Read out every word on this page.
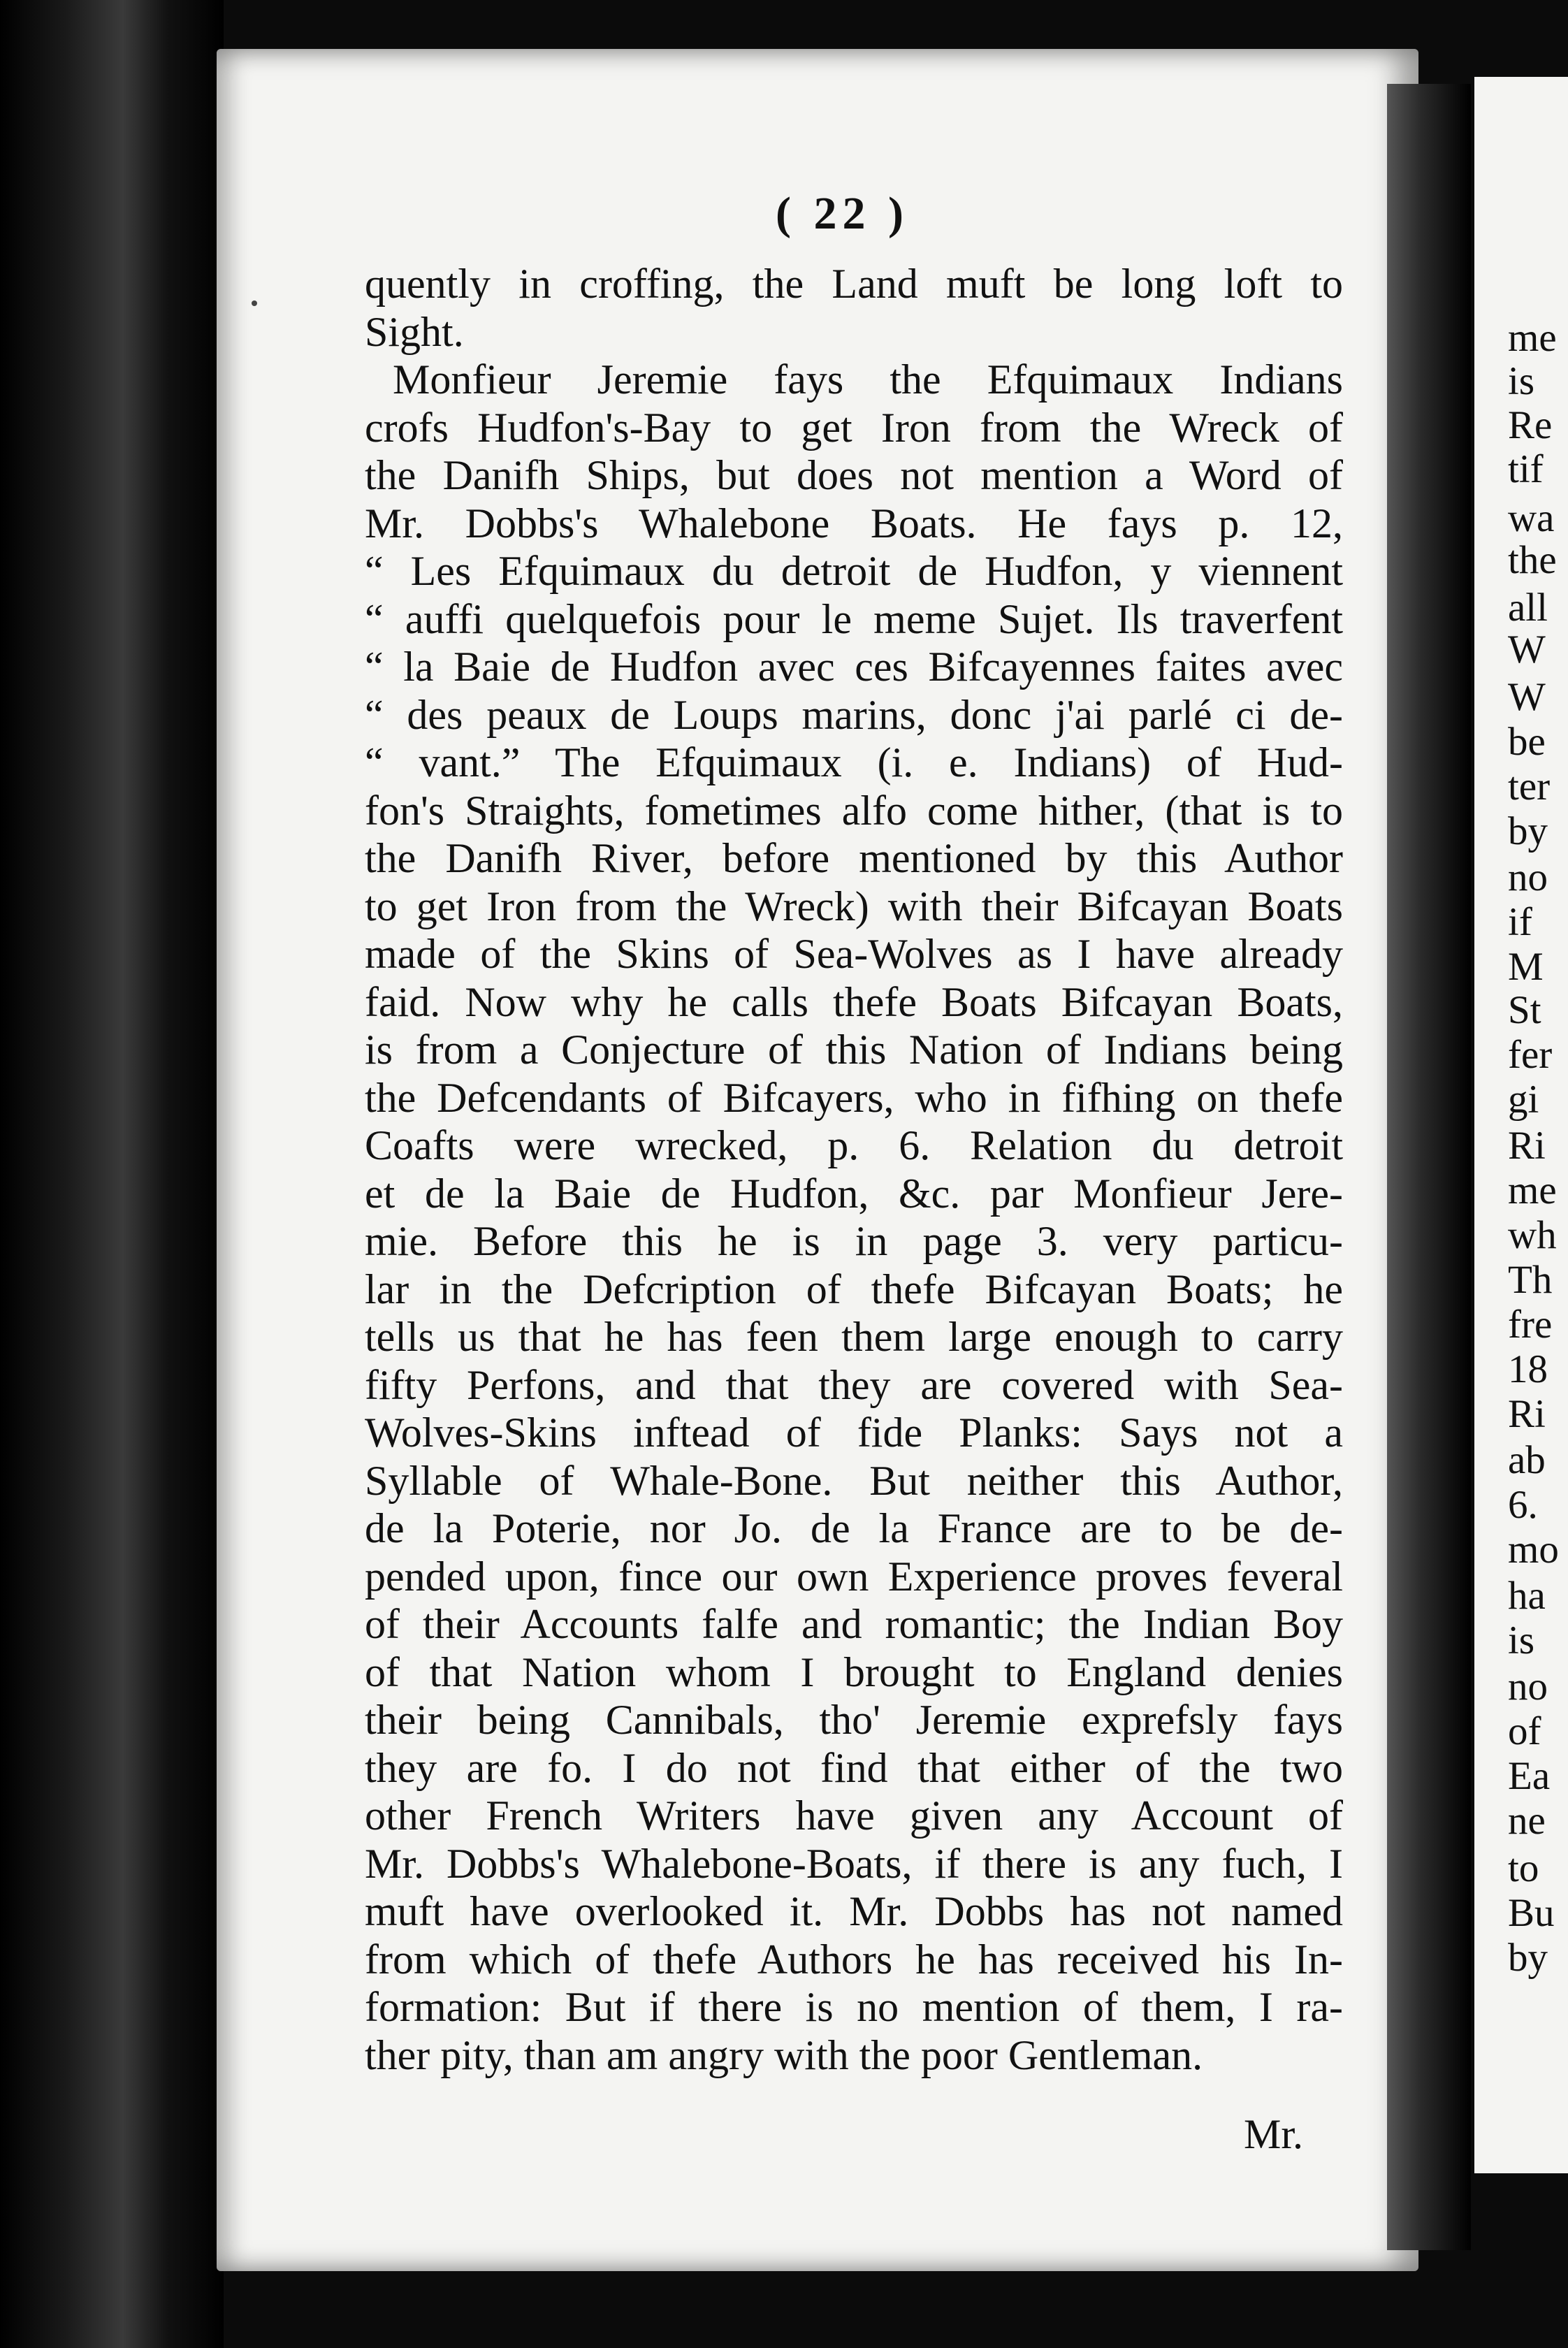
me
is
Re
tif
wa
the
all
W
W
be
ter
by
no
if
M
St
fer
gi
Ri
me
wh
Th
fre
18
Ri
ab
6.
mo
ha
is
no
of
Ea
ne
to
Bu
by
( 22 )
quently in croffing, the Land muft be long loft to
Sight.
Monfieur Jeremie fays the Efquimaux Indians
crofs Hudfon's-Bay to get Iron from the Wreck of
the Danifh Ships, but does not mention a Word of
Mr. Dobbs's Whalebone Boats. He fays p. 12,
“ Les Efquimaux du detroit de Hudfon, y viennent
“ auffi quelquefois pour le meme Sujet. Ils traverfent
“ la Baie de Hudfon avec ces Bifcayennes faites avec
“ des peaux de Loups marins, donc j'ai parlé ci de-
“ vant.” The Efquimaux (i. e. Indians) of Hud-
fon's Straights, fometimes alfo come hither, (that is to
the Danifh River, before mentioned by this Author
to get Iron from the Wreck) with their Bifcayan Boats
made of the Skins of Sea-Wolves as I have already
faid. Now why he calls thefe Boats Bifcayan Boats,
is from a Conjecture of this Nation of Indians being
the Defcendants of Bifcayers, who in fifhing on thefe
Coafts were wrecked, p. 6. Relation du detroit
et de la Baie de Hudfon, &c. par Monfieur Jere-
mie. Before this he is in page 3. very particu-
lar in the Defcription of thefe Bifcayan Boats; he
tells us that he has feen them large enough to carry
fifty Perfons, and that they are covered with Sea-
Wolves-Skins inftead of fide Planks: Says not a
Syllable of Whale-Bone. But neither this Author,
de la Poterie, nor Jo. de la France are to be de-
pended upon, fince our own Experience proves feveral
of their Accounts falfe and romantic; the Indian Boy
of that Nation whom I brought to England denies
their being Cannibals, tho' Jeremie exprefsly fays
they are fo. I do not find that either of the two
other French Writers have given any Account of
Mr. Dobbs's Whalebone-Boats, if there is any fuch, I
muft have overlooked it. Mr. Dobbs has not named
from which of thefe Authors he has received his In-
formation: But if there is no mention of them, I ra-
ther pity, than am angry with the poor Gentleman.
Mr.
